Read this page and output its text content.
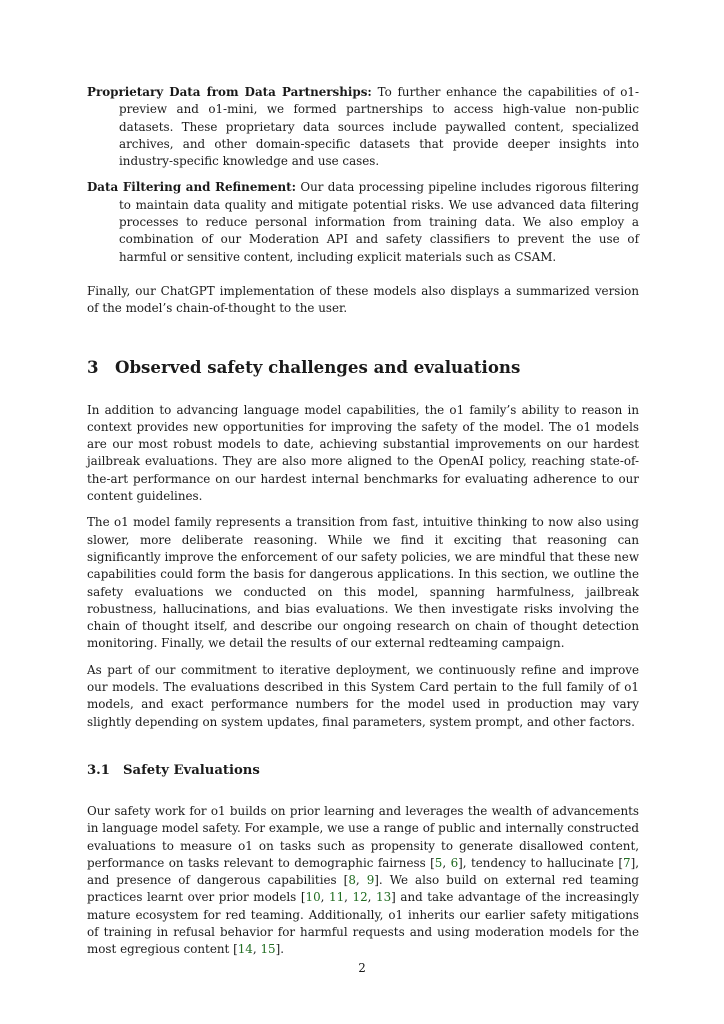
Proprietary Data from Data Partnerships: To further enhance the capabilities of o1-preview and o1-mini, we formed partnerships to access high-value non-public datasets. These proprietary data sources include paywalled content, specialized archives, and other domain-specific datasets that provide deeper insights into industry-specific knowledge and use cases.

Data Filtering and Refinement: Our data processing pipeline includes rigorous filtering to maintain data quality and mitigate potential risks. We use advanced data filtering processes to reduce personal information from training data. We also employ a combination of our Moderation API and safety classifiers to prevent the use of harmful or sensitive content, including explicit materials such as CSAM.

Finally, our ChatGPT implementation of these models also displays a summarized version of the model’s chain-of-thought to the user.

3 Observed safety challenges and evaluations

In addition to advancing language model capabilities, the o1 family’s ability to reason in context provides new opportunities for improving the safety of the model. The o1 models are our most robust models to date, achieving substantial improvements on our hardest jailbreak evaluations. They are also more aligned to the OpenAI policy, reaching state-of-the-art performance on our hardest internal benchmarks for evaluating adherence to our content guidelines.

The o1 model family represents a transition from fast, intuitive thinking to now also using slower, more deliberate reasoning. While we find it exciting that reasoning can significantly improve the enforcement of our safety policies, we are mindful that these new capabilities could form the basis for dangerous applications. In this section, we outline the safety evaluations we conducted on this model, spanning harmfulness, jailbreak robustness, hallucinations, and bias evaluations. We then investigate risks involving the chain of thought itself, and describe our ongoing research on chain of thought detection monitoring. Finally, we detail the results of our external redteaming campaign.

As part of our commitment to iterative deployment, we continuously refine and improve our models. The evaluations described in this System Card pertain to the full family of o1 models, and exact performance numbers for the model used in production may vary slightly depending on system updates, final parameters, system prompt, and other factors.

3.1 Safety Evaluations

Our safety work for o1 builds on prior learning and leverages the wealth of advancements in language model safety. For example, we use a range of public and internally constructed evaluations to measure o1 on tasks such as propensity to generate disallowed content, performance on tasks relevant to demographic fairness [5, 6], tendency to hallucinate [7], and presence of dangerous capabilities [8, 9]. We also build on external red teaming practices learnt over prior models [10, 11, 12, 13] and take advantage of the increasingly mature ecosystem for red teaming. Additionally, o1 inherits our earlier safety mitigations of training in refusal behavior for harmful requests and using moderation models for the most egregious content [14, 15].

2
